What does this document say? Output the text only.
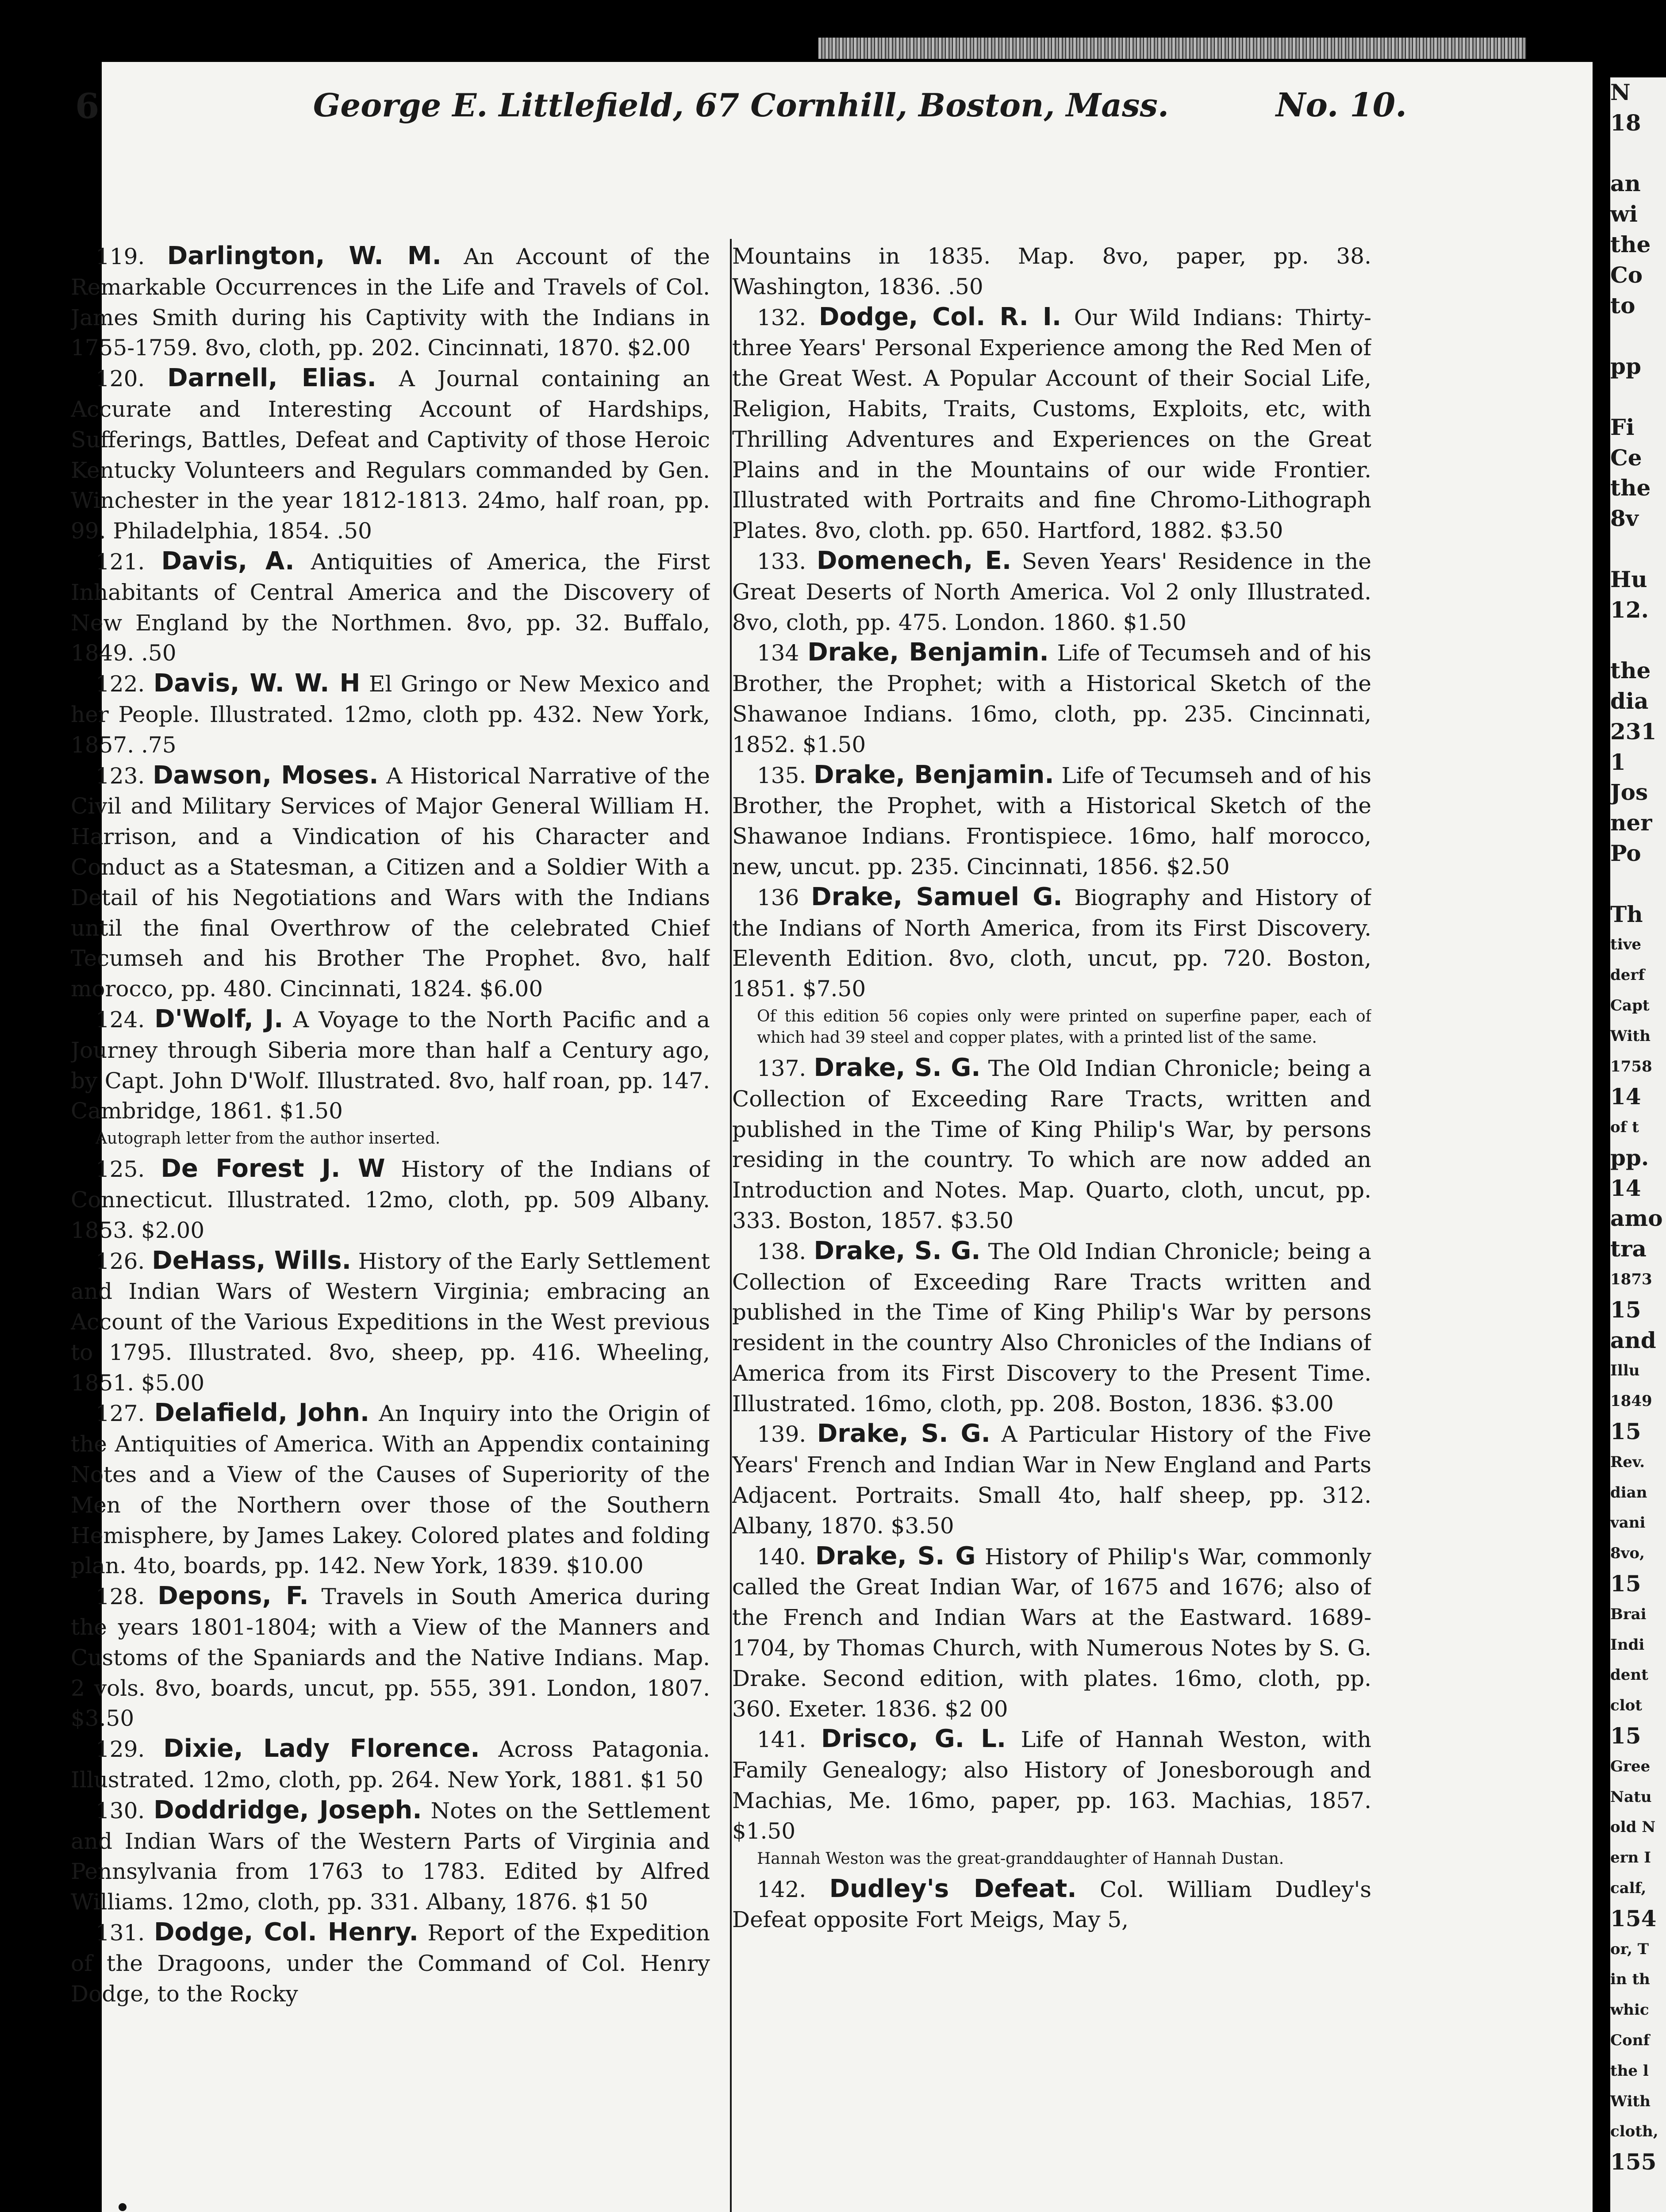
N
18
an
wi
the
Co
to
pp
Fi
Ce
the
8v
Hu
12.
the
dia
231
1
Jos
ner
Po
Th
tive
derf
Capt
With
1758
14
of t
pp.
14
amo
tra
1873
15
and
Illu
1849
15
Rev.
dian
vani
8vo,
15
Brai
Indi
dent
clot
15
Gree
Natu
old N
ern I
calf,
154
or, T
in th
whic
Conf
the l
With
cloth,
155
6	George E. Littlefield, 67 Cornhill, Boston, Mass.	No. 10.

119. Darlington, W. M. An Account of the Remarkable Occurrences in the Life and Travels of Col. James Smith during his Captivity with the Indians in 1755-1759. 8vo, cloth, pp. 202. Cincinnati, 1870. $2.00

120. Darnell, Elias. A Journal containing an Accurate and Interesting Account of Hardships, Sufferings, Battles, Defeat and Captivity of those Heroic Kentucky Volunteers and Regulars commanded by Gen. Winchester in the year 1812-1813. 24mo, half roan, pp. 99. Philadelphia, 1854. .50

121. Davis, A. Antiquities of America, the First Inhabitants of Central America and the Discovery of New England by the Northmen. 8vo, pp. 32. Buffalo, 1849. .50

122. Davis, W. W. H El Gringo or New Mexico and her People. Illustrated. 12mo, cloth pp. 432. New York, 1857. .75

123. Dawson, Moses. A Historical Narrative of the Civil and Military Services of Major General William H. Harrison, and a Vindication of his Character and Conduct as a Statesman, a Citizen and a Soldier With a Detail of his Negotiations and Wars with the Indians until the final Overthrow of the celebrated Chief Tecumseh and his Brother The Prophet. 8vo, half morocco, pp. 480. Cincinnati, 1824. $6.00

124. D'Wolf, J. A Voyage to the North Pacific and a Journey through Siberia more than half a Century ago, by Capt. John D'Wolf. Illustrated. 8vo, half roan, pp. 147. Cambridge, 1861. $1.50

Autograph letter from the author inserted.

125. De Forest J. W History of the Indians of Connecticut. Illustrated. 12mo, cloth, pp. 509 Albany. 1853. $2.00

126. DeHass, Wills. History of the Early Settlement and Indian Wars of Western Virginia; embracing an Account of the Various Expeditions in the West previous to 1795. Illustrated. 8vo, sheep, pp. 416. Wheeling, 1851. $5.00

127. Delafield, John. An Inquiry into the Origin of the Antiquities of America. With an Appendix containing Notes and a View of the Causes of Superiority of the Men of the Northern over those of the Southern Hemisphere, by James Lakey. Colored plates and folding plan. 4to, boards, pp. 142. New York, 1839. $10.00

128. Depons, F. Travels in South America during the years 1801-1804; with a View of the Manners and Customs of the Spaniards and the Native Indians. Map. 2 vols. 8vo, boards, uncut, pp. 555, 391. London, 1807. $3.50

129. Dixie, Lady Florence. Across Patagonia. Illustrated. 12mo, cloth, pp. 264. New York, 1881. $1 50

130. Doddridge, Joseph. Notes on the Settlement and Indian Wars of the Western Parts of Virginia and Pennsylvania from 1763 to 1783. Edited by Alfred Williams. 12mo, cloth, pp. 331. Albany, 1876. $1 50

131. Dodge, Col. Henry. Report of the Expedition of the Dragoons, under the Command of Col. Henry Dodge, to the Rocky

Mountains in 1835. Map. 8vo, paper, pp. 38. Washington, 1836. .50

132. Dodge, Col. R. I. Our Wild Indians: Thirty-three Years' Personal Experience among the Red Men of the Great West. A Popular Account of their Social Life, Religion, Habits, Traits, Customs, Exploits, etc, with Thrilling Adventures and Experiences on the Great Plains and in the Mountains of our wide Frontier. Illustrated with Portraits and fine Chromo-Lithograph Plates. 8vo, cloth. pp. 650. Hartford, 1882. $3.50

133. Domenech, E. Seven Years' Residence in the Great Deserts of North America. Vol 2 only Illustrated. 8vo, cloth, pp. 475. London. 1860. $1.50

134 Drake, Benjamin. Life of Tecumseh and of his Brother, the Prophet; with a Historical Sketch of the Shawanoe Indians. 16mo, cloth, pp. 235. Cincinnati, 1852. $1.50

135. Drake, Benjamin. Life of Tecumseh and of his Brother, the Prophet, with a Historical Sketch of the Shawanoe Indians. Frontispiece. 16mo, half morocco, new, uncut. pp. 235. Cincinnati, 1856. $2.50

136 Drake, Samuel G. Biography and History of the Indians of North America, from its First Discovery. Eleventh Edition. 8vo, cloth, uncut, pp. 720. Boston, 1851. $7.50

Of this edition 56 copies only were printed on superfine paper, each of which had 39 steel and copper plates, with a printed list of the same.

137. Drake, S. G. The Old Indian Chronicle; being a Collection of Exceeding Rare Tracts, written and published in the Time of King Philip's War, by persons residing in the country. To which are now added an Introduction and Notes. Map. Quarto, cloth, uncut, pp. 333. Boston, 1857. $3.50

138. Drake, S. G. The Old Indian Chronicle; being a Collection of Exceeding Rare Tracts written and published in the Time of King Philip's War by persons resident in the country Also Chronicles of the Indians of America from its First Discovery to the Present Time. Illustrated. 16mo, cloth, pp. 208. Boston, 1836. $3.00

139. Drake, S. G. A Particular History of the Five Years' French and Indian War in New England and Parts Adjacent. Portraits. Small 4to, half sheep, pp. 312. Albany, 1870. $3.50

140. Drake, S. G History of Philip's War, commonly called the Great Indian War, of 1675 and 1676; also of the French and Indian Wars at the Eastward. 1689-1704, by Thomas Church, with Numerous Notes by S. G. Drake. Second edition, with plates. 16mo, cloth, pp. 360. Exeter. 1836. $2 00

141. Drisco, G. L. Life of Hannah Weston, with Family Genealogy; also History of Jonesborough and Machias, Me. 16mo, paper, pp. 163. Machias, 1857. $1.50

Hannah Weston was the great-granddaughter of Hannah Dustan.

142. Dudley's Defeat. Col. William Dudley's Defeat opposite Fort Meigs, May 5,
